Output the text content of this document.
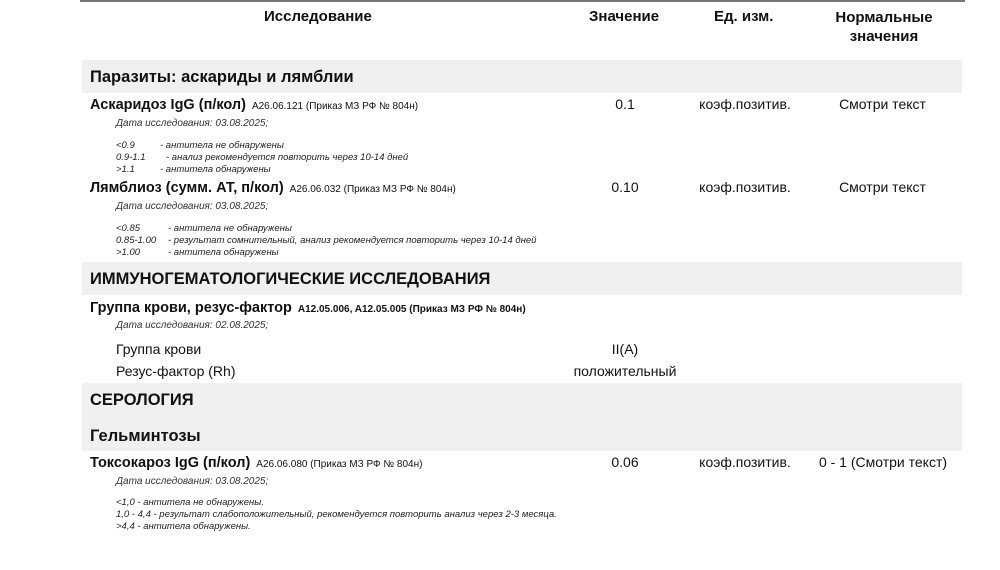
Исследование	Значение	Ед. изм.	Нормальные
значения
Паразиты: аскариды и лямблии
Аскаридоз IgG (п/кол) A26.06.121 (Приказ МЗ РФ № 804н)	0.1	коэф.позитив.	Смотри текст
Дата исследования: 03.08.2025;
<0.9	- антитела не обнаружены
0.9-1.1 - анализ рекомендуется повторить через 10-14 дней
>1.1	- антитела обнаружены
Лямблиоз (сумм. АТ, п/кол) A26.06.032 (Приказ МЗ РФ № 804н)	0.10	коэф.позитив.	Смотри текст
Дата исследования: 03.08.2025;
<0.85	- антитела не обнаружены
0.85-1.00 - результат сомнительный, анализ рекомендуется повторить через 10-14 дней
>1.00	- антитела обнаружены
ИММУНОГЕМАТОЛОГИЧЕСКИЕ ИССЛЕДОВАНИЯ
Группа крови, резус-фактор A12.05.006, A12.05.005 (Приказ МЗ РФ № 804н)
Дата исследования: 02.08.2025;
Группа крови	II(A)
Резус-фактор (Rh)	положительный
СЕРОЛОГИЯ
Гельминтозы
Токсокароз IgG (п/кол) A26.06.080 (Приказ МЗ РФ № 804н)	0.06	коэф.позитив.	0 - 1 (Смотри текст)
Дата исследования: 03.08.2025;
<1,0 - антитела не обнаружены.
1,0 - 4,4 - результат слабоположительный, рекомендуется повторить анализ через 2-3 месяца.
>4,4 - антитела обнаружены.
